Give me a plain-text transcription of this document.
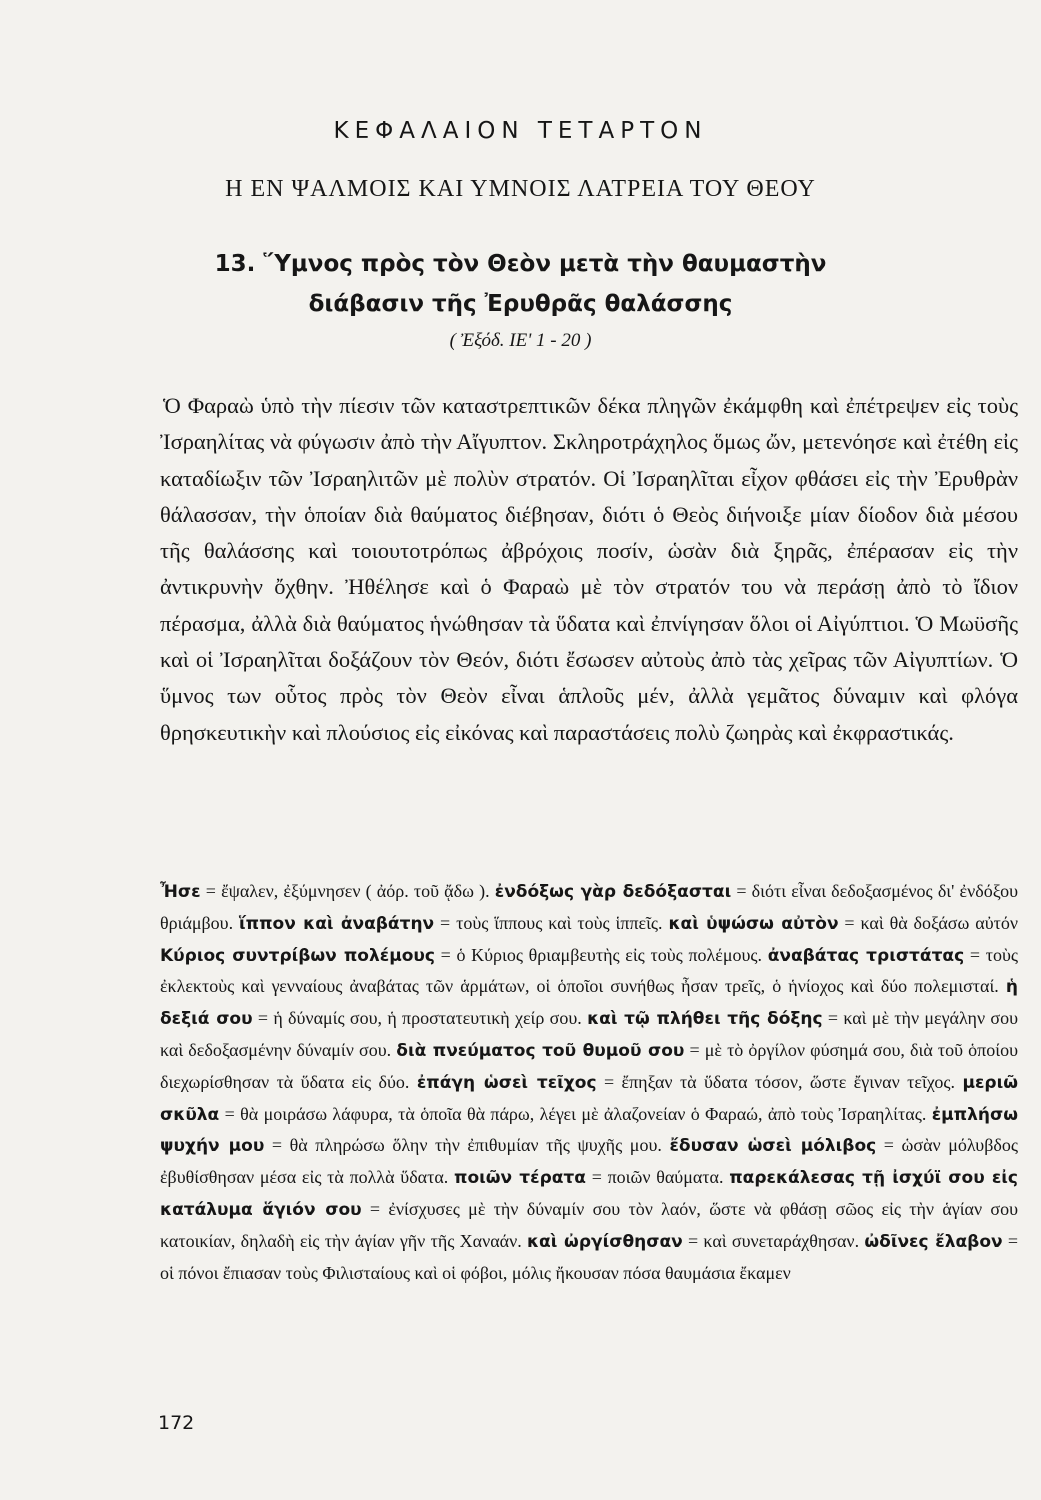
ΚΕΦΑΛΑΙΟΝ ΤΕΤΑΡΤΟΝ
Η ΕΝ ΨΑΛΜΟΙΣ ΚΑΙ ΥΜΝΟΙΣ ΛΑΤΡΕΙΑ ΤΟΥ ΘΕΟΥ
13. Ὕμνος πρὸς τὸν Θεὸν μετὰ τὴν θαυμαστὴν
διάβασιν τῆς Ἐρυθρᾶς θαλάσσης
( Ἐξόδ. ΙΕ' 1 - 20 )

Ὁ Φαραὼ ὑπὸ τὴν πίεσιν τῶν καταστρεπτικῶν δέκα πληγῶν ἐκάμφθη καὶ ἐπέτρεψεν εἰς τοὺς Ἰσραηλίτας νὰ φύγωσιν ἀπὸ τὴν Αἴγυπτον. Σκληροτράχηλος ὅμως ὤν, μετενόησε καὶ ἐτέθη εἰς καταδίωξιν τῶν Ἰσραηλιτῶν μὲ πολὺν στρατόν. Οἱ Ἰσραηλῖται εἶχον φθάσει εἰς τὴν Ἐρυθρὰν θάλασσαν, τὴν ὁποίαν διὰ θαύματος διέβησαν, διότι ὁ Θεὸς διήνοιξε μίαν δίοδον διὰ μέσου τῆς θαλάσσης καὶ τοιουτοτρόπως ἀβρόχοις ποσίν, ὡσὰν διὰ ξηρᾶς, ἐπέρασαν εἰς τὴν ἀντικρυνὴν ὄχθην. Ἠθέλησε καὶ ὁ Φαραὼ μὲ τὸν στρατόν του νὰ περάσῃ ἀπὸ τὸ ἴδιον πέρασμα, ἀλλὰ διὰ θαύματος ἡνώθησαν τὰ ὕδατα καὶ ἐπνίγησαν ὅλοι οἱ Αἰγύπτιοι. Ὁ Μωϋσῆς καὶ οἱ Ἰσραηλῖται δοξάζουν τὸν Θεόν, διότι ἔσωσεν αὐτοὺς ἀπὸ τὰς χεῖρας τῶν Αἰγυπτίων. Ὁ ὕμνος των οὗτος πρὸς τὸν Θεὸν εἶναι ἁπλοῦς μέν, ἀλλὰ γεμᾶτος δύναμιν καὶ φλόγα θρησκευτικὴν καὶ πλούσιος εἰς εἰκόνας καὶ παραστάσεις πολὺ ζωηρὰς καὶ ἐκφραστικάς.

Ἦσε = ἔψαλεν, ἐξύμνησεν ( ἀόρ. τοῦ ᾄδω ). ἐνδόξως γὰρ δεδόξασται = διότι εἶναι δεδοξασμένος δι' ἐνδόξου θριάμβου. ἵππον καὶ ἀναβάτην = τοὺς ἵππους καὶ τοὺς ἱππεῖς. καὶ ὑψώσω αὐτὸν = καὶ θὰ δοξάσω αὐτόν Κύριος συντρίβων πολέμους = ὁ Κύριος θριαμβευτὴς εἰς τοὺς πολέμους. ἀναβάτας τριστάτας = τοὺς ἐκλεκτοὺς καὶ γενναίους ἀναβάτας τῶν ἁρμάτων, οἱ ὁποῖοι συνήθως ἦσαν τρεῖς, ὁ ἡνίοχος καὶ δύο πολεμισταί. ἡ δεξιά σου = ἡ δύναμίς σου, ἡ προστατευτικὴ χείρ σου. καὶ τῷ πλήθει τῆς δόξης = καὶ μὲ τὴν μεγάλην σου καὶ δεδοξασμένην δύναμίν σου. διὰ πνεύματος τοῦ θυμοῦ σου = μὲ τὸ ὀργίλον φύσημά σου, διὰ τοῦ ὁποίου διεχωρίσθησαν τὰ ὕδατα εἰς δύο. ἐπάγη ὡσεὶ τεῖχος = ἔπηξαν τὰ ὕδατα τόσον, ὥστε ἔγιναν τεῖχος. μεριῶ σκῦλα = θὰ μοιράσω λάφυρα, τὰ ὁποῖα θὰ πάρω, λέγει μὲ ἀλαζονείαν ὁ Φαραώ, ἀπὸ τοὺς Ἰσραηλίτας. ἐμπλήσω ψυχήν μου = θὰ πληρώσω ὅλην τὴν ἐπιθυμίαν τῆς ψυχῆς μου. ἔδυσαν ὡσεὶ μόλιβος = ὡσὰν μόλυβδος ἐβυθίσθησαν μέσα εἰς τὰ πολλὰ ὕδατα. ποιῶν τέρατα = ποιῶν θαύματα. παρεκάλεσας τῇ ἰσχύϊ σου εἰς κατάλυμα ἅγιόν σου = ἐνίσχυσες μὲ τὴν δύναμίν σου τὸν λαόν, ὥστε νὰ φθάσῃ σῶος εἰς τὴν ἁγίαν σου κατοικίαν, δηλαδὴ εἰς τὴν ἁγίαν γῆν τῆς Χαναάν. καὶ ὠργίσθησαν = καὶ συνεταράχθησαν. ὠδῖνες ἔλαβον = οἱ πόνοι ἔπιασαν τοὺς Φιλισταίους καὶ οἱ φόβοι, μόλις ἤκουσαν πόσα θαυμάσια ἔκαμεν

172
